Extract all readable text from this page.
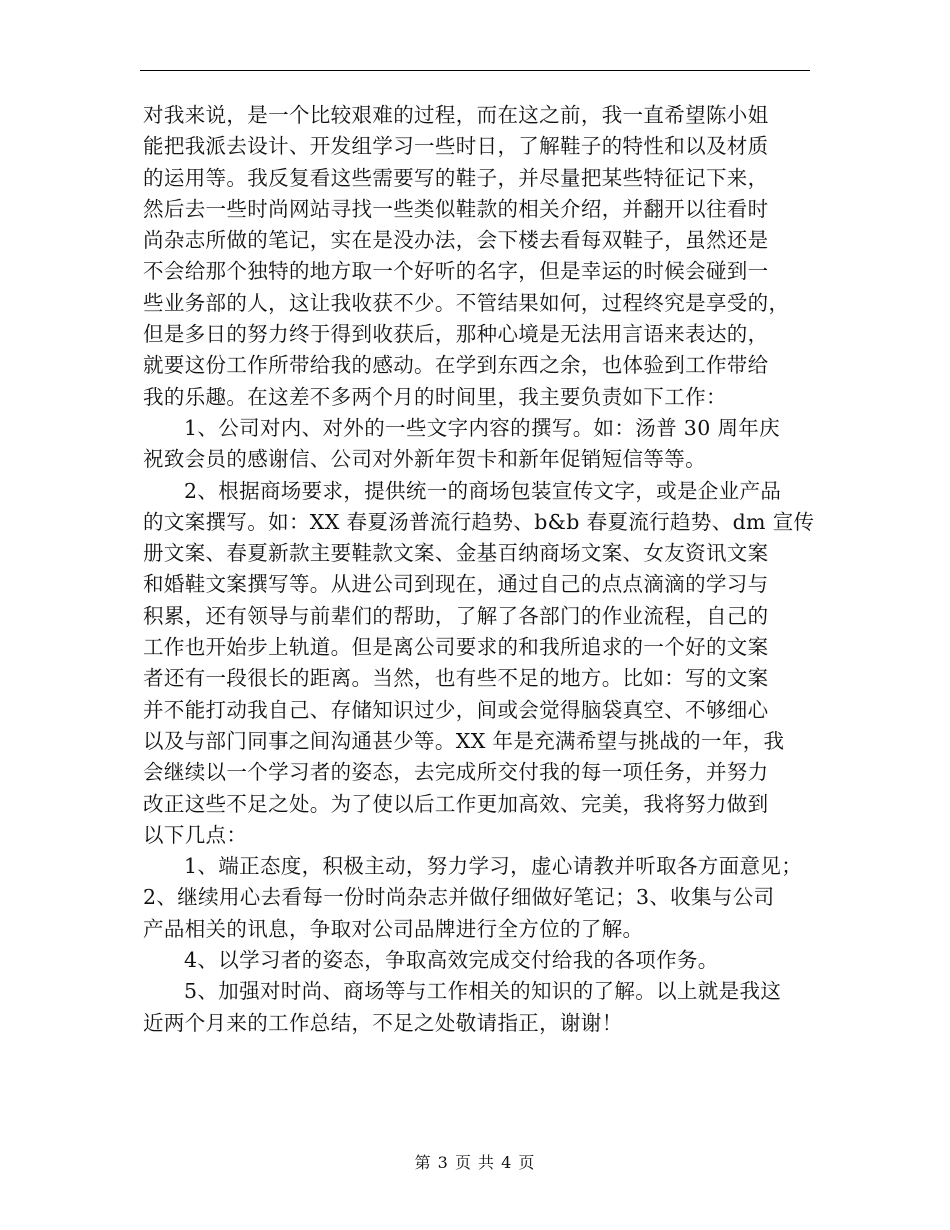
对我来说，是一个比较艰难的过程，而在这之前，我一直希望陈小姐
能把我派去设计、开发组学习一些时日，了解鞋子的特性和以及材质
的运用等。我反复看这些需要写的鞋子，并尽量把某些特征记下来，
然后去一些时尚网站寻找一些类似鞋款的相关介绍，并翻开以往看时
尚杂志所做的笔记，实在是没办法，会下楼去看每双鞋子，虽然还是
不会给那个独特的地方取一个好听的名字，但是幸运的时候会碰到一
些业务部的人，这让我收获不少。不管结果如何，过程终究是享受的，
但是多日的努力终于得到收获后，那种心境是无法用言语来表达的，
就要这份工作所带给我的感动。在学到东西之余，也体验到工作带给
我的乐趣。在这差不多两个月的时间里，我主要负责如下工作：
1、公司对内、对外的一些文字内容的撰写。如：汤普 30 周年庆
祝致会员的感谢信、公司对外新年贺卡和新年促销短信等等。
2、根据商场要求，提供统一的商场包装宣传文字，或是企业产品
的文案撰写。如：XX 春夏汤普流行趋势、b&b 春夏流行趋势、dm 宣传
册文案、春夏新款主要鞋款文案、金基百纳商场文案、女友资讯文案
和婚鞋文案撰写等。从进公司到现在，通过自己的点点滴滴的学习与
积累，还有领导与前辈们的帮助，了解了各部门的作业流程，自己的
工作也开始步上轨道。但是离公司要求的和我所追求的一个好的文案
者还有一段很长的距离。当然，也有些不足的地方。比如：写的文案
并不能打动我自己、存储知识过少，间或会觉得脑袋真空、不够细心
以及与部门同事之间沟通甚少等。XX 年是充满希望与挑战的一年，我
会继续以一个学习者的姿态，去完成所交付我的每一项任务，并努力
改正这些不足之处。为了使以后工作更加高效、完美，我将努力做到
以下几点：
1、端正态度，积极主动，努力学习，虚心请教并听取各方面意见；
2、继续用心去看每一份时尚杂志并做仔细做好笔记；3、收集与公司
产品相关的讯息，争取对公司品牌进行全方位的了解。
4、以学习者的姿态，争取高效完成交付给我的各项作务。
5、加强对时尚、商场等与工作相关的知识的了解。以上就是我这
近两个月来的工作总结，不足之处敬请指正，谢谢！
第 3 页 共 4 页
